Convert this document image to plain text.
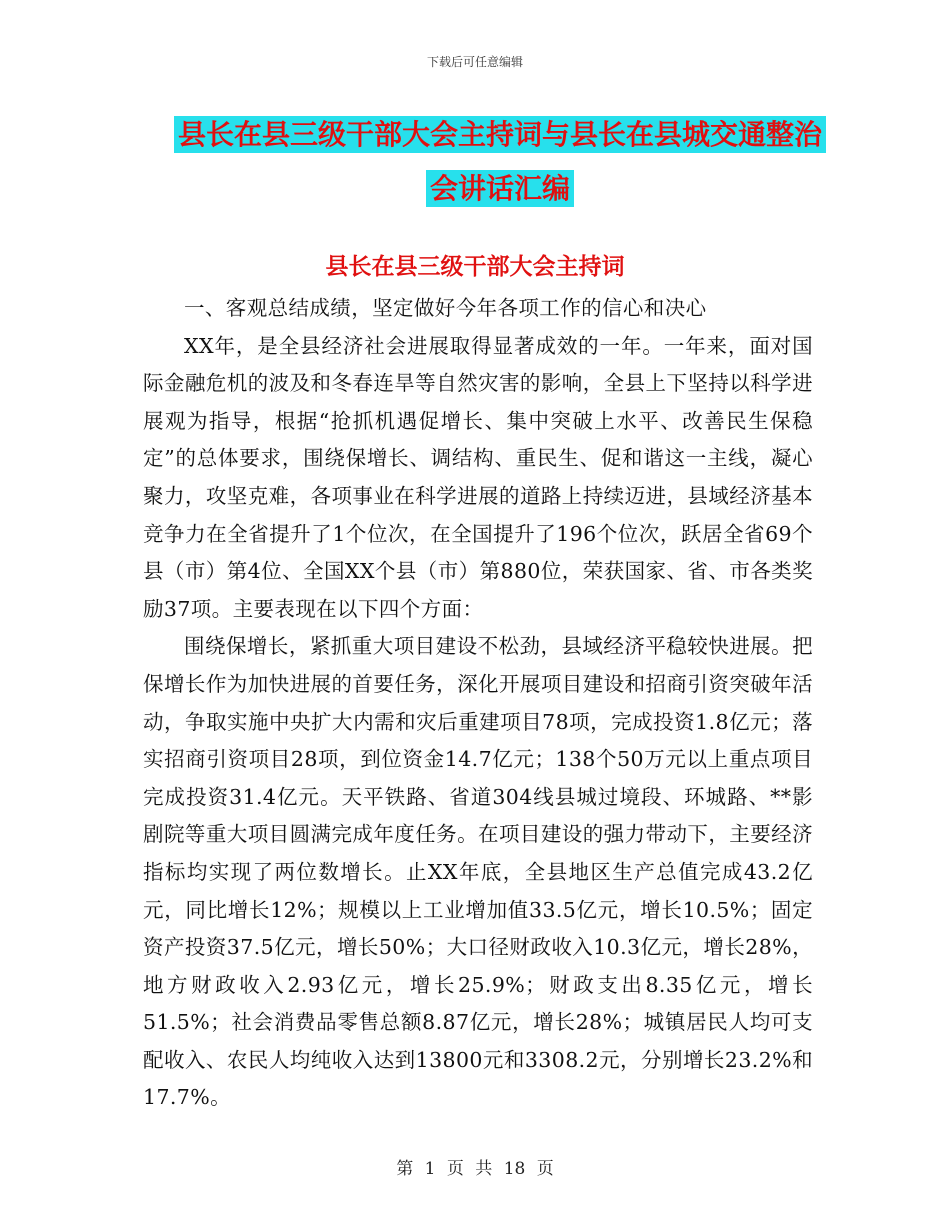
下载后可任意编辑
县长在县三级干部大会主持词与县长在县城交通整治
会讲话汇编
县长在县三级干部大会主持词

一、客观总结成绩，坚定做好今年各项工作的信心和决心

XX年，是全县经济社会进展取得显著成效的一年。一年来，面对国际金融危机的波及和冬春连旱等自然灾害的影响，全县上下坚持以科学进展观为指导，根据“抢抓机遇促增长、集中突破上水平、改善民生保稳定”的总体要求，围绕保增长、调结构、重民生、促和谐这一主线，凝心聚力，攻坚克难，各项事业在科学进展的道路上持续迈进，县域经济基本竞争力在全省提升了1个位次，在全国提升了196个位次，跃居全省69个县（市）第4位、全国XX个县（市）第880位，荣获国家、省、市各类奖励37项。主要表现在以下四个方面：

围绕保增长，紧抓重大项目建设不松劲，县域经济平稳较快进展。把保增长作为加快进展的首要任务，深化开展项目建设和招商引资突破年活动，争取实施中央扩大内需和灾后重建项目78项，完成投资1.8亿元；落实招商引资项目28项，到位资金14.7亿元；138个50万元以上重点项目完成投资31.4亿元。天平铁路、省道304线县城过境段、环城路、**影剧院等重大项目圆满完成年度任务。在项目建设的强力带动下，主要经济指标均实现了两位数增长。止XX年底，全县地区生产总值完成43.2亿元，同比增长12%；规模以上工业增加值33.5亿元，增长10.5%；固定资产投资37.5亿元，增长50%；大口径财政收入10.3亿元，增长28%，地方财政收入2.93亿元，增长25.9%；财政支出8.35亿元，增长51.5%；社会消费品零售总额8.87亿元，增长28%；城镇居民人均可支配收入、农民人均纯收入达到13800元和3308.2元，分别增长23.2%和17.7%。

第 1 页 共 18 页
